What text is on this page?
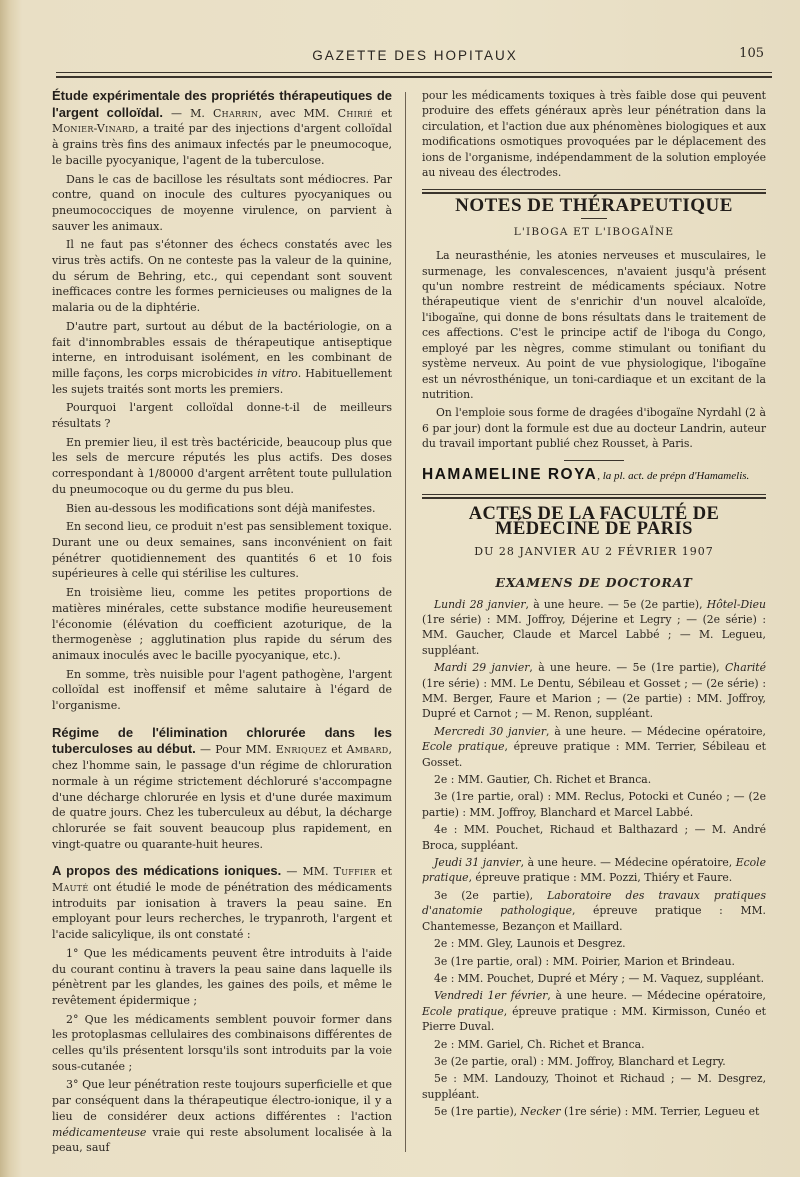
GAZETTE DES HOPITAUX	105

Étude expérimentale des propriétés thérapeutiques de l'argent colloïdal. — M. Charrin, avec MM. Chirié et Monier-Vinard, a traité par des injections d'argent colloïdal à grains très fins des animaux infectés par le pneumocoque, le bacille pyocyanique, l'agent de la tuberculose.

Dans le cas de bacillose les résultats sont médiocres. Par contre, quand on inocule des cultures pyocyaniques ou pneumococciques de moyenne virulence, on parvient à sauver les animaux.

Il ne faut pas s'étonner des échecs constatés avec les virus très actifs. On ne conteste pas la valeur de la quinine, du sérum de Behring, etc., qui cependant sont souvent inefficaces contre les formes pernicieuses ou malignes de la malaria ou de la diphtérie.

D'autre part, surtout au début de la bactériologie, on a fait d'innombrables essais de thérapeutique antiseptique interne, en introduisant isolément, en les combinant de mille façons, les corps microbicides in vitro. Habituellement les sujets traités sont morts les premiers.

Pourquoi l'argent colloïdal donne-t-il de meilleurs résultats ?

En premier lieu, il est très bactéricide, beaucoup plus que les sels de mercure réputés les plus actifs. Des doses correspondant à 1/80000 d'argent arrêtent toute pullulation du pneumocoque ou du germe du pus bleu.

Bien au-dessous les modifications sont déjà manifestes.

En second lieu, ce produit n'est pas sensiblement toxique. Durant une ou deux semaines, sans inconvénient on fait pénétrer quotidiennement des quantités 6 et 10 fois supérieures à celle qui stérilise les cultures.

En troisième lieu, comme les petites proportions de matières minérales, cette substance modifie heureusement l'économie (élévation du coefficient azoturique, de la thermogenèse ; agglutination plus rapide du sérum des animaux inoculés avec le bacille pyocyanique, etc.).

En somme, très nuisible pour l'agent pathogène, l'argent colloïdal est inoffensif et même salutaire à l'égard de l'organisme.

Régime de l'élimination chlorurée dans les tuberculoses au début. — Pour MM. Enriquez et Ambard, chez l'homme sain, le passage d'un régime de chloruration normale à un régime strictement déchloruré s'accompagne d'une décharge chlorurée en lysis et d'une durée maximum de quatre jours. Chez les tuberculeux au début, la décharge chlorurée se fait souvent beaucoup plus rapidement, en vingt-quatre ou quarante-huit heures.

A propos des médications ioniques. — MM. Tuffier et Mauté ont étudié le mode de pénétration des médicaments introduits par ionisation à travers la peau saine. En employant pour leurs recherches, le trypanroth, l'argent et l'acide salicylique, ils ont constaté :

1° Que les médicaments peuvent être introduits à l'aide du courant continu à travers la peau saine dans laquelle ils pénètrent par les glandes, les gaines des poils, et même le revêtement épidermique ;

2° Que les médicaments semblent pouvoir former dans les protoplasmas cellulaires des combinaisons différentes de celles qu'ils présentent lorsqu'ils sont introduits par la voie sous-cutanée ;

3° Que leur pénétration reste toujours superficielle et que par conséquent dans la thérapeutique électro-ionique, il y a lieu de considérer deux actions différentes : l'action médicamenteuse vraie qui reste absolument localisée à la peau, sauf

pour les médicaments toxiques à très faible dose qui peuvent produire des effets généraux après leur pénétration dans la circulation, et l'action due aux phénomènes biologiques et aux modifications osmotiques provoquées par le déplacement des ions de l'organisme, indépendamment de la solution employée au niveau des électrodes.

NOTES DE THÉRAPEUTIQUE
L'IBOGA ET L'IBOGAÏNE

La neurasthénie, les atonies nerveuses et musculaires, le surmenage, les convalescences, n'avaient jusqu'à présent qu'un nombre restreint de médicaments spéciaux. Notre thérapeutique vient de s'enrichir d'un nouvel alcaloïde, l'ibogaïne, qui donne de bons résultats dans le traitement de ces affections. C'est le principe actif de l'iboga du Congo, employé par les nègres, comme stimulant ou tonifiant du système nerveux. Au point de vue physiologique, l'ibogaïne est un névrosthénique, un toni-cardiaque et un excitant de la nutrition.

On l'emploie sous forme de dragées d'ibogaïne Nyrdahl (2 à 6 par jour) dont la formule est due au docteur Landrin, auteur du travail important publié chez Rousset, à Paris.

HAMAMELINE ROYA, la pl. act. de prépn d'Hamamelis.
ACTES DE LA FACULTÉ DE MÉDECINE DE PARIS
DU 28 JANVIER AU 2 FÉVRIER 1907
EXAMENS DE DOCTORAT

Lundi 28 janvier, à une heure. — 5e (2e partie), Hôtel-Dieu (1re série) : MM. Joffroy, Déjerine et Legry ; — (2e série) : MM. Gaucher, Claude et Marcel Labbé ; — M. Legueu, suppléant.

Mardi 29 janvier, à une heure. — 5e (1re partie), Charité (1re série) : MM. Le Dentu, Sébileau et Gosset ; — (2e série) : MM. Berger, Faure et Marion ; — (2e partie) : MM. Joffroy, Dupré et Carnot ; — M. Renon, suppléant.

Mercredi 30 janvier, à une heure. — Médecine opératoire, Ecole pratique, épreuve pratique : MM. Terrier, Sébileau et Gosset.

2e : MM. Gautier, Ch. Richet et Branca.

3e (1re partie, oral) : MM. Reclus, Potocki et Cunéo ; — (2e partie) : MM. Joffroy, Blanchard et Marcel Labbé.

4e : MM. Pouchet, Richaud et Balthazard ; — M. André Broca, suppléant.

Jeudi 31 janvier, à une heure. — Médecine opératoire, Ecole pratique, épreuve pratique : MM. Pozzi, Thiéry et Faure.

3e (2e partie), Laboratoire des travaux pratiques d'anatomie pathologique, épreuve pratique : MM. Chantemesse, Bezançon et Maillard.

2e : MM. Gley, Launois et Desgrez.

3e (1re partie, oral) : MM. Poirier, Marion et Brindeau.

4e : MM. Pouchet, Dupré et Méry ; — M. Vaquez, suppléant.

Vendredi 1er février, à une heure. — Médecine opératoire, Ecole pratique, épreuve pratique : MM. Kirmisson, Cunéo et Pierre Duval.

2e : MM. Gariel, Ch. Richet et Branca.

3e (2e partie, oral) : MM. Joffroy, Blanchard et Legry.

5e : MM. Landouzy, Thoinot et Richaud ; — M. Desgrez, suppléant.

5e (1re partie), Necker (1re série) : MM. Terrier, Legueu et
